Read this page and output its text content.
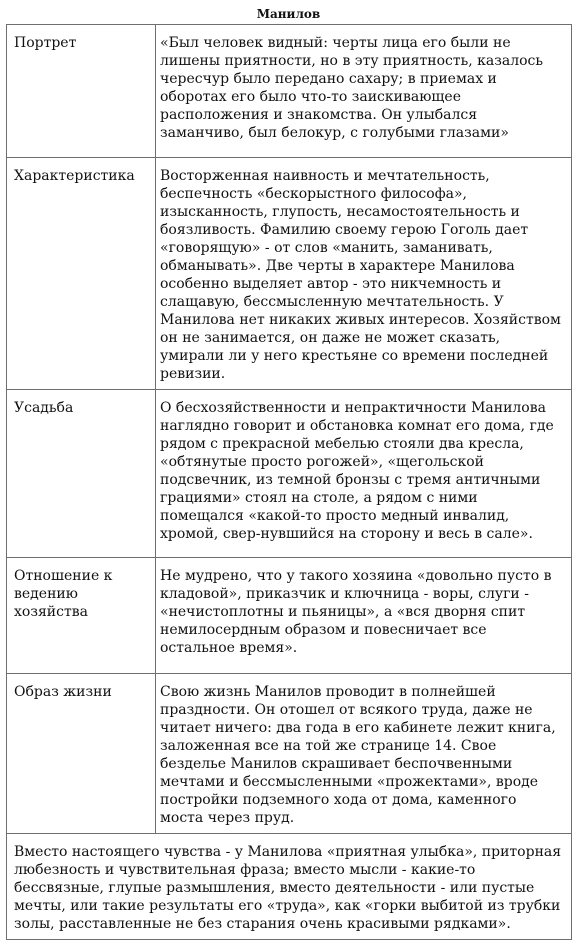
Манилов
Портрет	«Был человек видный: черты лица его были не лишены приятности, но в эту приятность, казалось чересчур было передано сахару; в приемах и оборотах его было что-то заискивающее расположения и знакомства. Он улыбался заманчиво, был белокур, с голубыми глазами»
Характеристика	Восторженная наивность и мечтательность, беспечность «бескорыстного философа», изысканность, глупость, несамостоятельность и боязливость. Фамилию своему герою Гоголь дает «говорящую» - от слов «манить, заманивать, обманывать». Две черты в характере Манилова особенно выделяет автор - это никчемность и слащавую, бессмысленную мечтательность. У Манилова нет никаких живых интересов. Хозяйством он не занимается, он даже не может сказать, умирали ли у него крестьяне со времени последней ревизии.
Усадьба	О бесхозяйственности и непрактичности Манилова наглядно говорит и обстановка комнат его дома, где рядом с прекрасной мебелью стояли два кресла, «обтянутые просто рогожей», «щегольской подсвечник, из темной бронзы с тремя античными грациями» стоял на столе, а рядом с ними помещался «какой-то просто медный инвалид, хромой, свер-нувшийся на сторону и весь в сале».
Отношение к ведению хозяйства	Не мудрено, что у такого хозяина «довольно пусто в кладовой», приказчик и ключница - воры, слуги - «нечистоплотны и пьяницы», а «вся дворня спит немилосердным образом и повесничает все остальное время».
Образ жизни	Свою жизнь Манилов проводит в полнейшей праздности. Он отошел от всякого труда, даже не читает ничего: два года в его кабинете лежит книга, заложенная все на той же странице 14. Свое безделье Манилов скрашивает беспочвенными мечтами и бессмысленными «прожектами», вроде постройки подземного хода от дома, каменного моста через пруд.
Вместо настоящего чувства - у Манилова «приятная улыбка», приторная любезность и чувствительная фраза; вместо мысли - какие-то бессвязные, глупые размышления, вместо деятельности - или пустые мечты, или такие результаты его «труда», как «горки выбитой из трубки золы, расставленные не без старания очень красивыми рядками».	
